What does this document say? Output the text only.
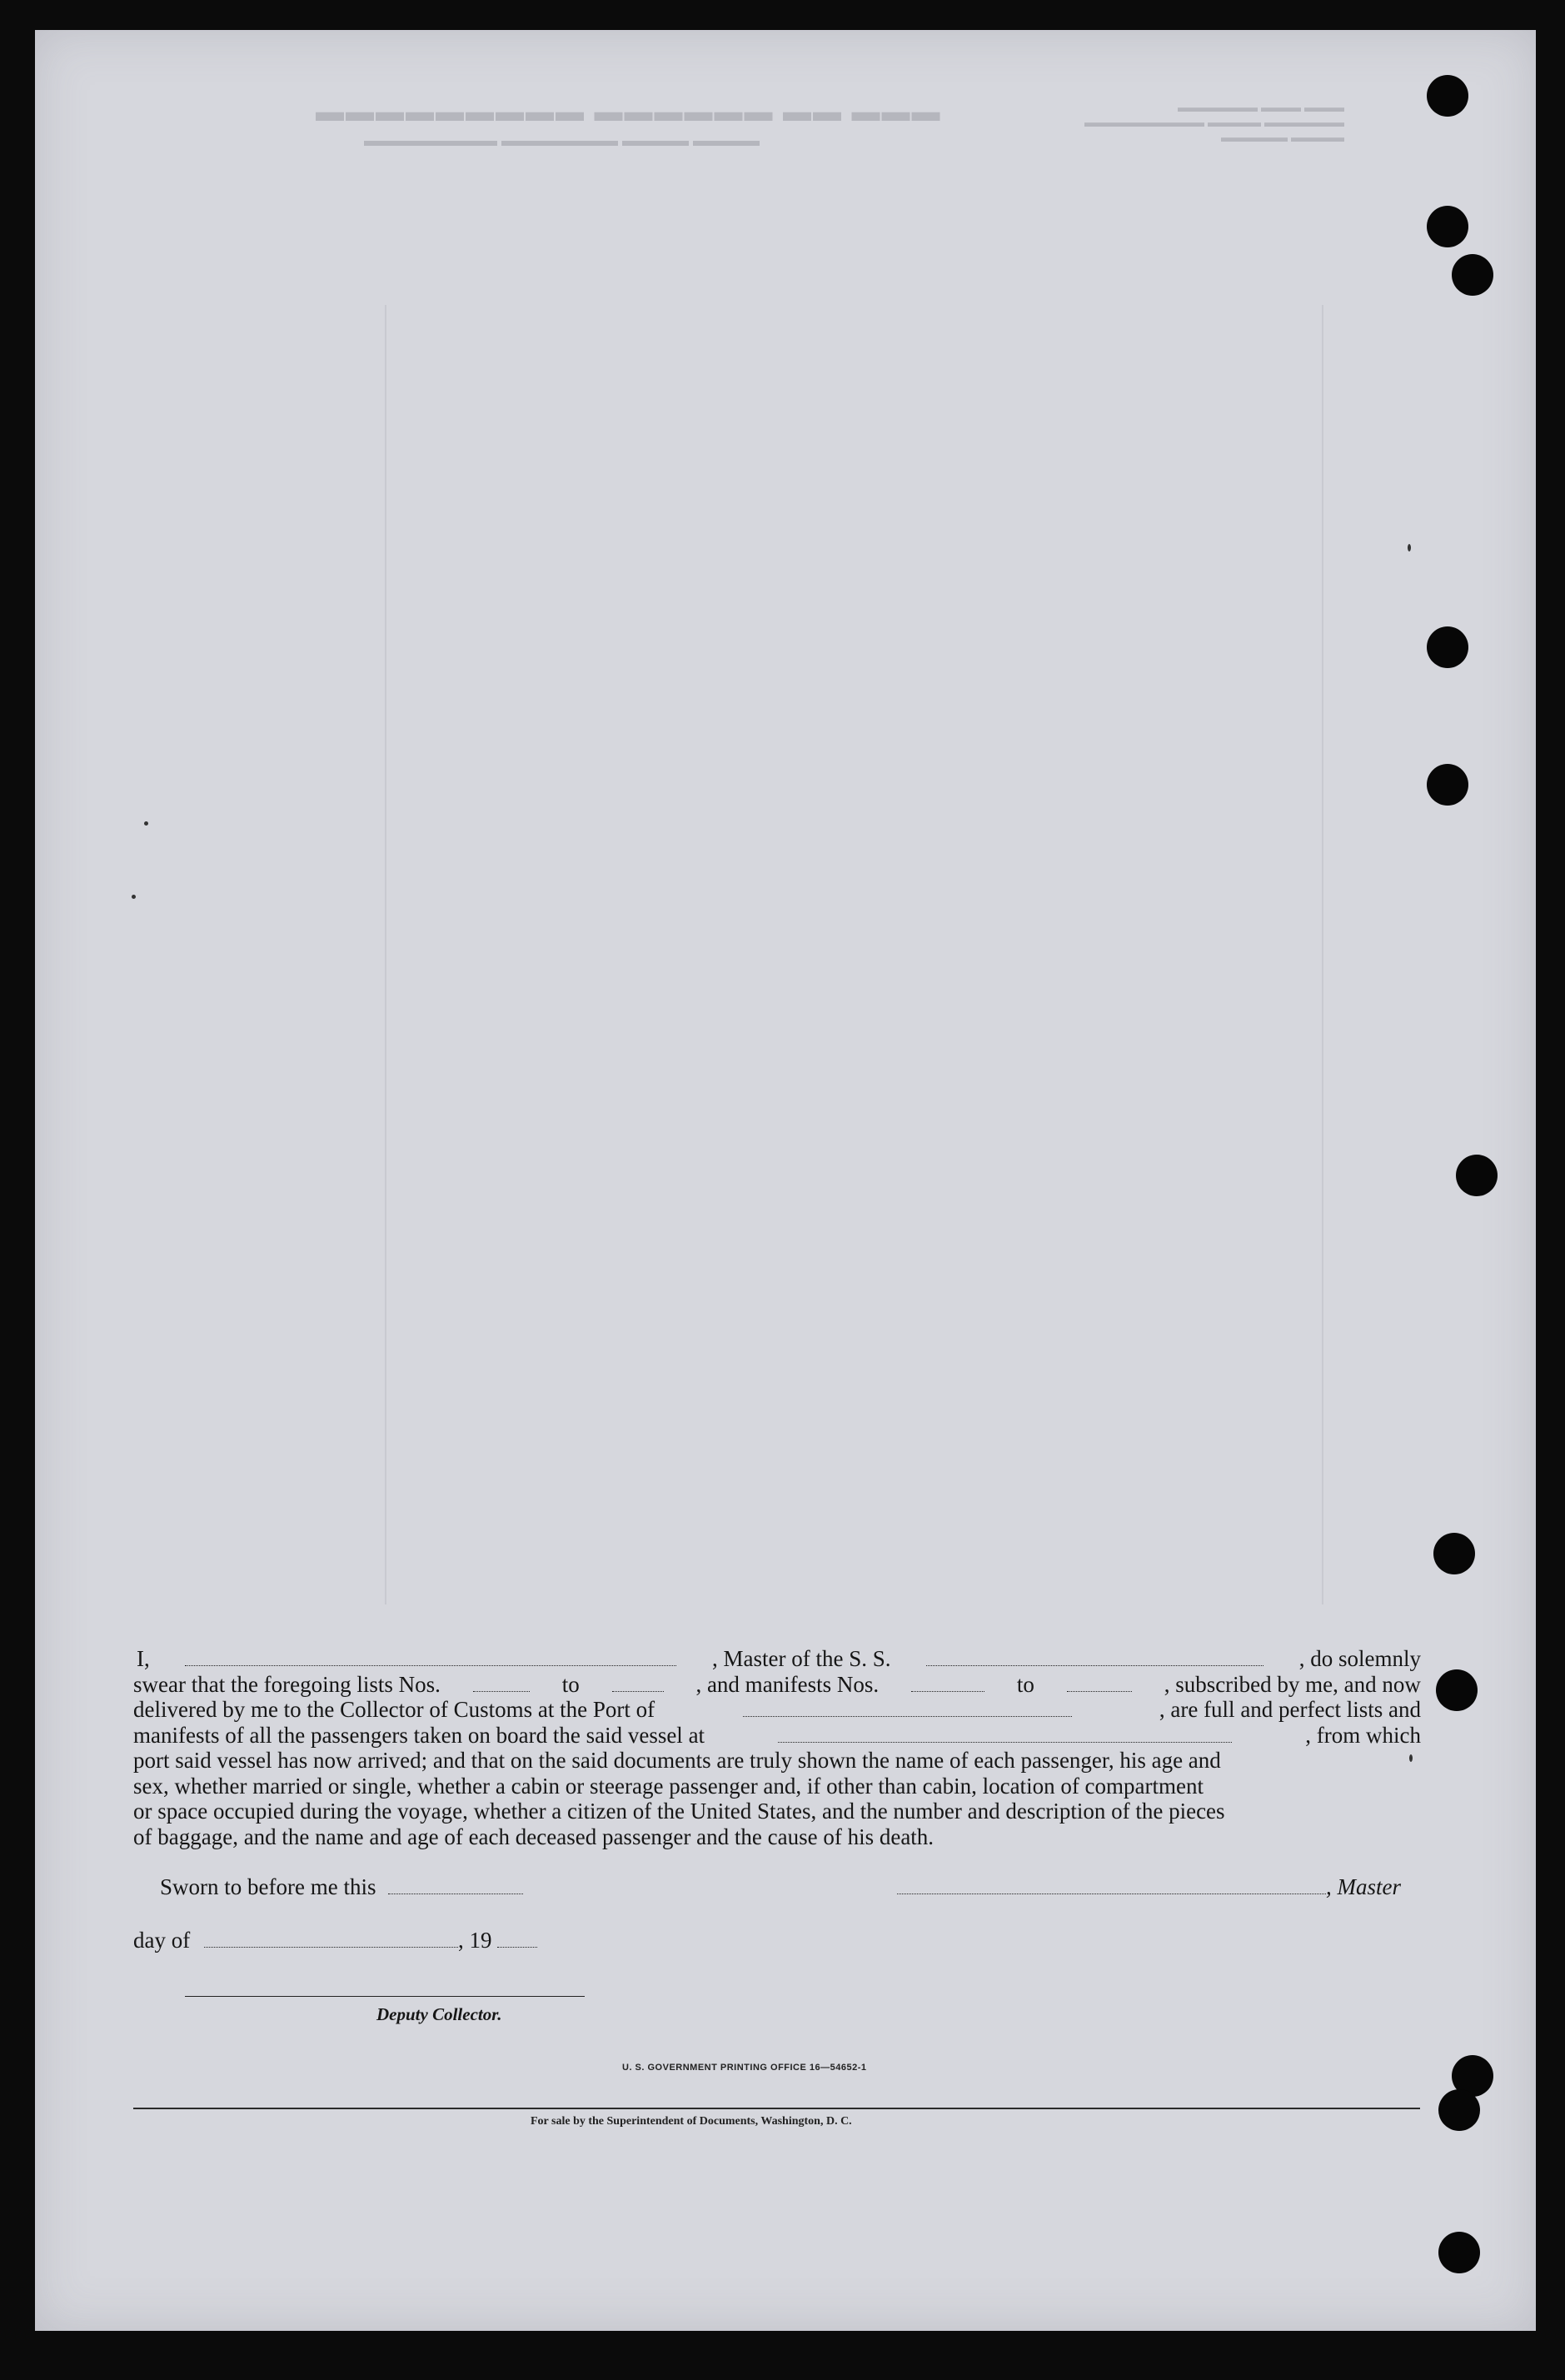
▬▬▬ ▬▬ ▬▬▬▬▬▬ ▬▬▬▬▬▬▬▬▬
▬▬▬▬ ▬▬▬▬ ▬▬▬▬▬▬▬ ▬▬▬▬▬▬▬▬
▬▬▬ ▬▬▬ ▬▬▬▬▬▬
▬▬▬▬▬▬ ▬▬▬▬ ▬▬▬▬▬▬▬▬▬
▬▬▬▬ ▬▬▬▬▬
I,	, Master of the S. S.	, do solemnly
swear that the foregoing lists Nos.	to	, and manifests Nos.	to	, subscribed by me, and now
delivered by me to the Collector of Customs at the Port of	, are full and perfect lists and
manifests of all the passengers taken on board the said vessel at	, from which
port said vessel has now arrived; and that on the said documents are truly shown the name of each passenger, his age and
sex, whether married or single, whether a cabin or steerage passenger and, if other than cabin, location of compartment
or space occupied during the voyage, whether a citizen of the United States, and the number and description of the pieces
of baggage, and the name and age of each deceased passenger and the cause of his death.
Sworn to before me this	, Master
day of	, 19
Deputy Collector.
U. S. GOVERNMENT PRINTING OFFICE 16—54652-1
For sale by the Superintendent of Documents, Washington, D. C.
